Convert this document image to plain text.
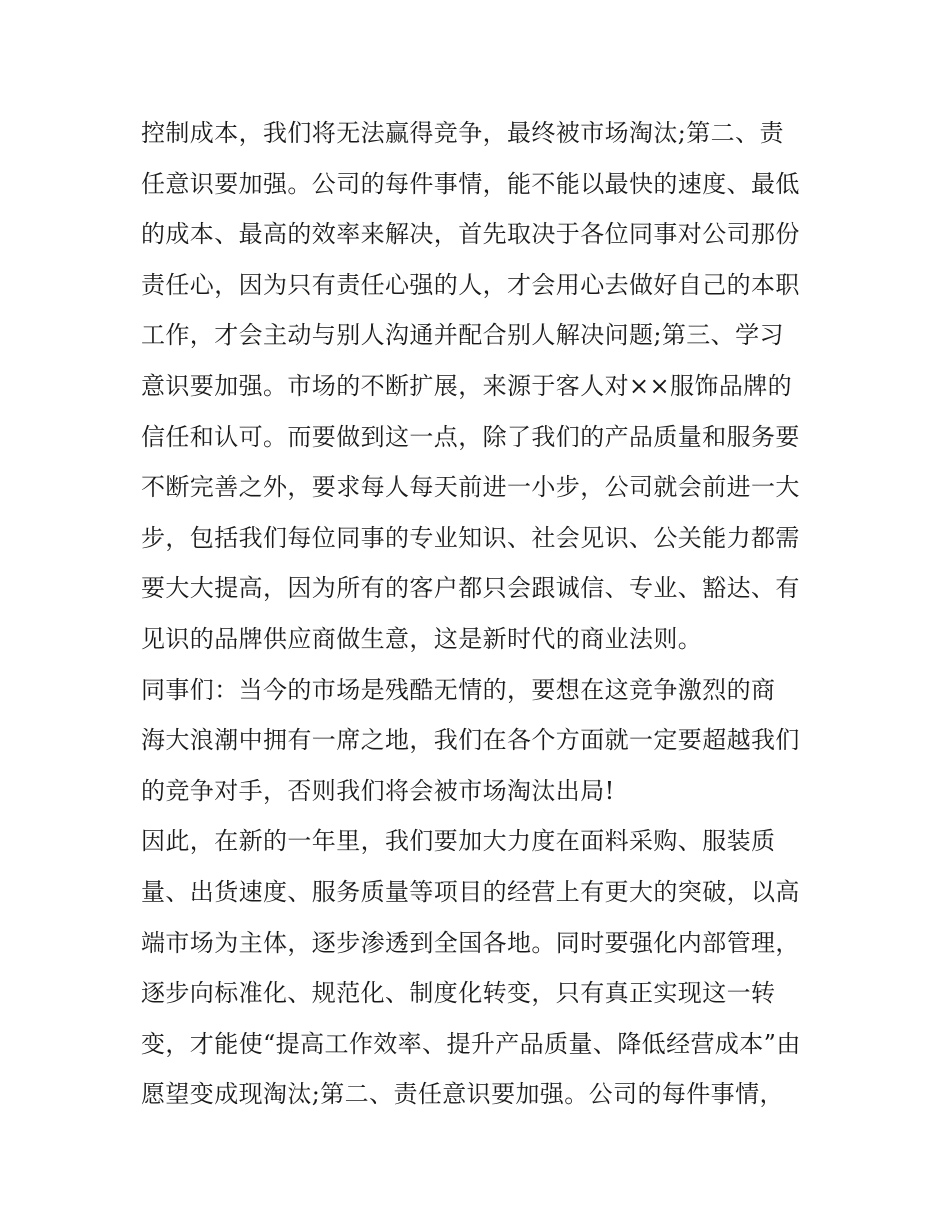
控制成本，我们将无法赢得竞争，最终被市场淘汰;第二、责
任意识要加强。公司的每件事情，能不能以最快的速度、最低
的成本、最高的效率来解决，首先取决于各位同事对公司那份
责任心，因为只有责任心强的人，才会用心去做好自己的本职
工作，才会主动与别人沟通并配合别人解决问题;第三、学习
意识要加强。市场的不断扩展，来源于客人对××服饰品牌的
信任和认可。而要做到这一点，除了我们的产品质量和服务要
不断完善之外，要求每人每天前进一小步，公司就会前进一大
步，包括我们每位同事的专业知识、社会见识、公关能力都需
要大大提高，因为所有的客户都只会跟诚信、专业、豁达、有
见识的品牌供应商做生意，这是新时代的商业法则。
同事们：当今的市场是残酷无情的，要想在这竞争激烈的商
海大浪潮中拥有一席之地，我们在各个方面就一定要超越我们
的竞争对手，否则我们将会被市场淘汰出局!
因此，在新的一年里，我们要加大力度在面料采购、服装质
量、出货速度、服务质量等项目的经营上有更大的突破，以高
端市场为主体，逐步渗透到全国各地。同时要强化内部管理，
逐步向标准化、规范化、制度化转变，只有真正实现这一转
变，才能使“提高工作效率、提升产品质量、降低经营成本”由
愿望变成现淘汰;第二、责任意识要加强。公司的每件事情，
